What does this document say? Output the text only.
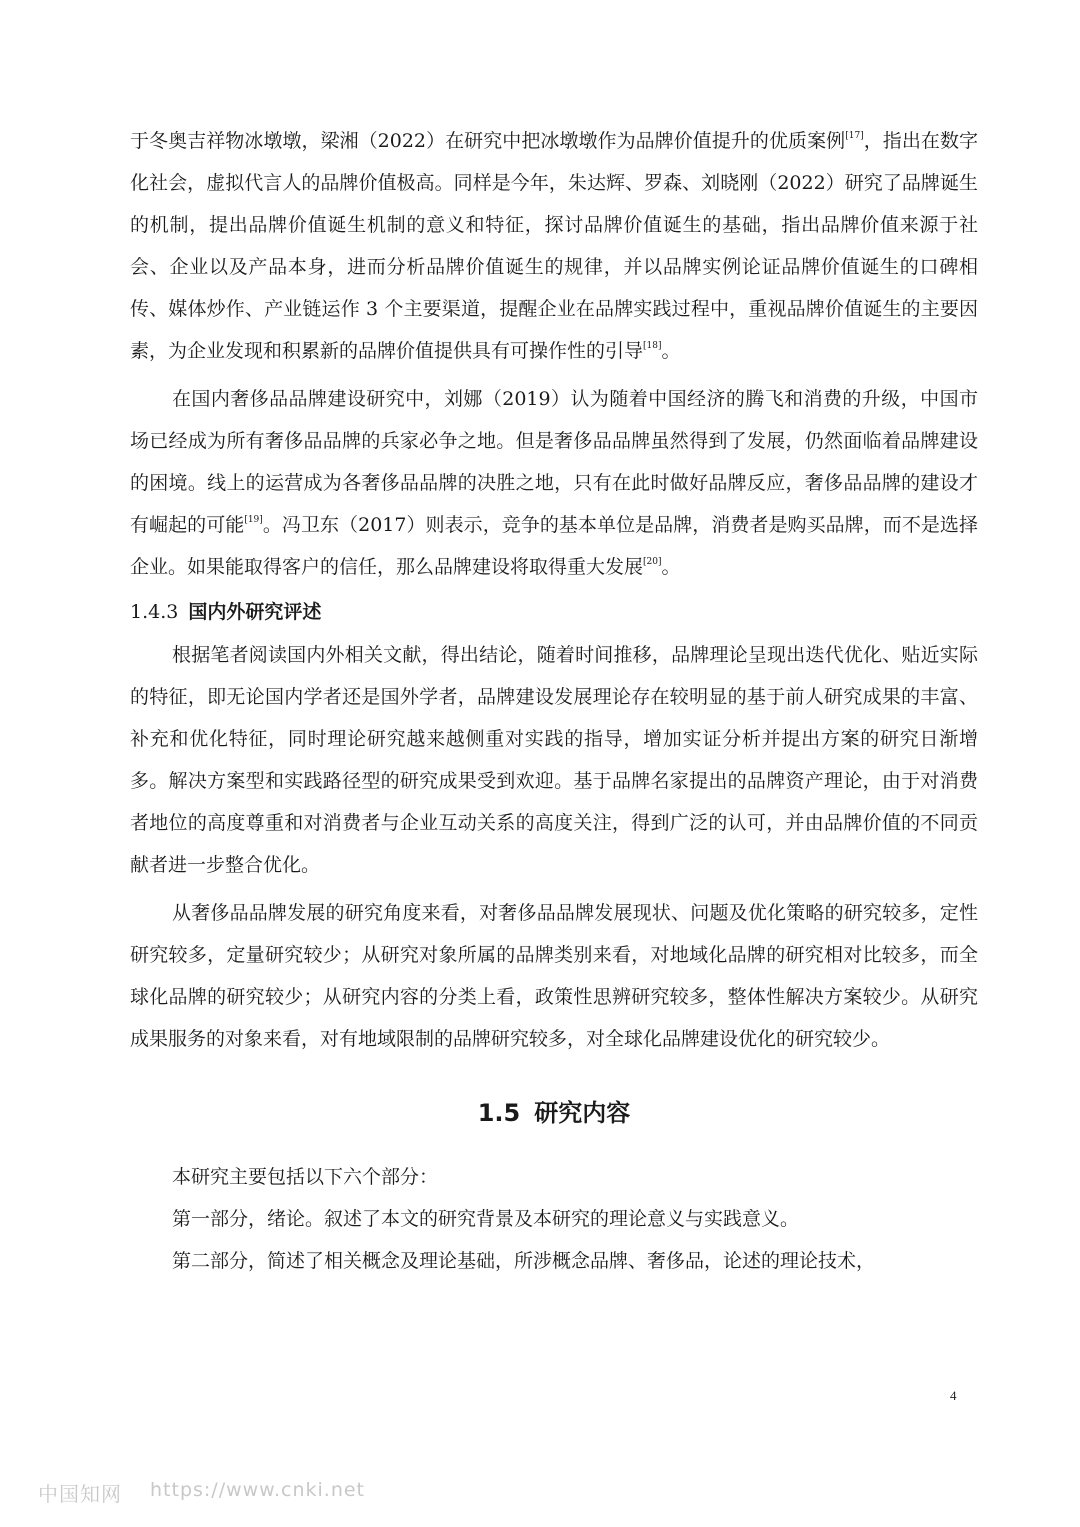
于冬奥吉祥物冰墩墩，梁湘（2022）在研究中把冰墩墩作为品牌价值提升的优质案例[17]，指出在数字化社会，虚拟代言人的品牌价值极高。同样是今年，朱达辉、罗森、刘晓刚（2022）研究了品牌诞生的机制，提出品牌价值诞生机制的意义和特征，探讨品牌价值诞生的基础，指出品牌价值来源于社会、企业以及产品本身，进而分析品牌价值诞生的规律，并以品牌实例论证品牌价值诞生的口碑相传、媒体炒作、产业链运作 3 个主要渠道，提醒企业在品牌实践过程中，重视品牌价值诞生的主要因素，为企业发现和积累新的品牌价值提供具有可操作性的引导[18]。

在国内奢侈品品牌建设研究中，刘娜（2019）认为随着中国经济的腾飞和消费的升级，中国市场已经成为所有奢侈品品牌的兵家必争之地。但是奢侈品品牌虽然得到了发展，仍然面临着品牌建设的困境。线上的运营成为各奢侈品品牌的决胜之地，只有在此时做好品牌反应，奢侈品品牌的建设才有崛起的可能[19]。冯卫东（2017）则表示，竞争的基本单位是品牌，消费者是购买品牌，而不是选择企业。如果能取得客户的信任，那么品牌建设将取得重大发展[20]。

1.4.3 国内外研究评述

根据笔者阅读国内外相关文献，得出结论，随着时间推移，品牌理论呈现出迭代优化、贴近实际的特征，即无论国内学者还是国外学者，品牌建设发展理论存在较明显的基于前人研究成果的丰富、补充和优化特征，同时理论研究越来越侧重对实践的指导，增加实证分析并提出方案的研究日渐增多。解决方案型和实践路径型的研究成果受到欢迎。基于品牌名家提出的品牌资产理论，由于对消费者地位的高度尊重和对消费者与企业互动关系的高度关注，得到广泛的认可，并由品牌价值的不同贡献者进一步整合优化。

从奢侈品品牌发展的研究角度来看，对奢侈品品牌发展现状、问题及优化策略的研究较多，定性研究较多，定量研究较少；从研究对象所属的品牌类别来看，对地域化品牌的研究相对比较多，而全球化品牌的研究较少；从研究内容的分类上看，政策性思辨研究较多，整体性解决方案较少。从研究成果服务的对象来看，对有地域限制的品牌研究较多，对全球化品牌建设优化的研究较少。

1.5 研究内容

本研究主要包括以下六个部分：

第一部分，绪论。叙述了本文的研究背景及本研究的理论意义与实践意义。

第二部分，简述了相关概念及理论基础，所涉概念品牌、奢侈品，论述的理论技术，

4
中国知网 https://www.cnki.net
